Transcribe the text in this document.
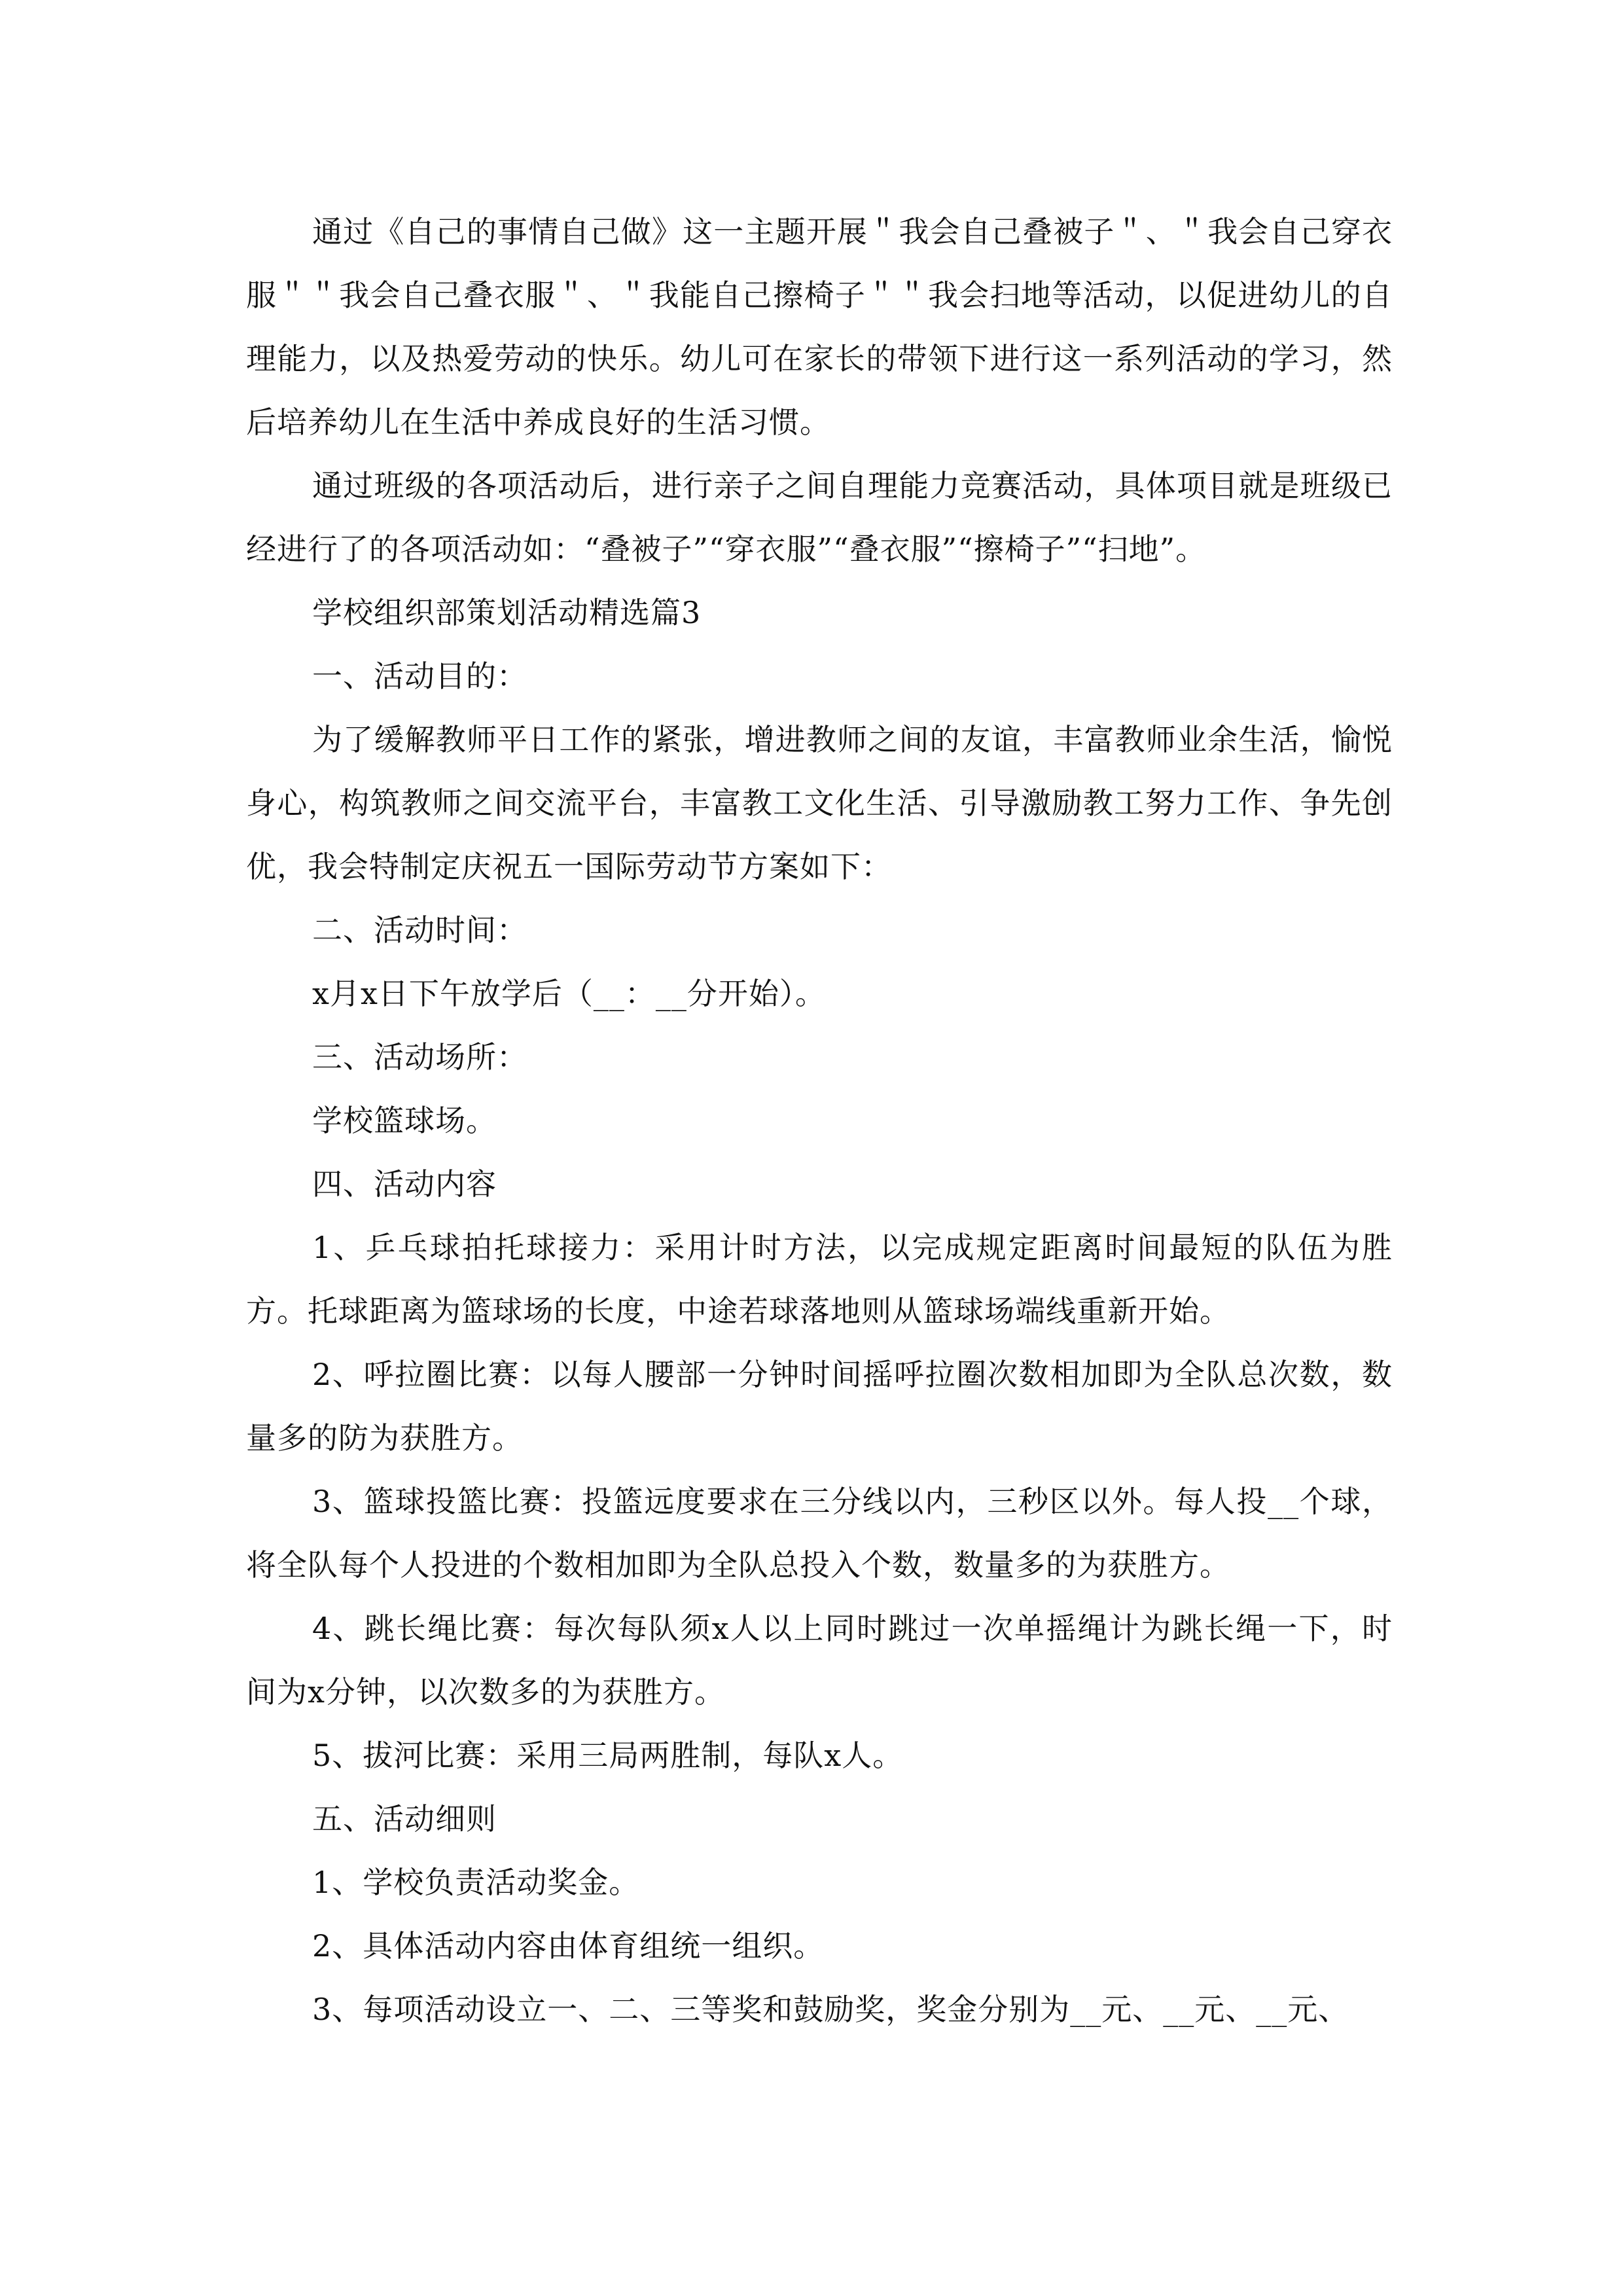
通过《自己的事情自己做》这一主题开展＂我会自己叠被子＂、＂我会自己穿衣服＂＂我会自己叠衣服＂、＂我能自己擦椅子＂＂我会扫地等活动，以促进幼儿的自理能力，以及热爱劳动的快乐。幼儿可在家长的带领下进行这一系列活动的学习，然后培养幼儿在生活中养成良好的生活习惯。

通过班级的各项活动后，进行亲子之间自理能力竞赛活动，具体项目就是班级已经进行了的各项活动如：“叠被子”“穿衣服”“叠衣服”“擦椅子”“扫地”。

学校组织部策划活动精选篇3

一、活动目的：

为了缓解教师平日工作的紧张，增进教师之间的友谊，丰富教师业余生活，愉悦身心，构筑教师之间交流平台，丰富教工文化生活、引导激励教工努力工作、争先创优，我会特制定庆祝五一国际劳动节方案如下：

二、活动时间：

x月x日下午放学后（__：__分开始）。

三、活动场所：

学校篮球场。

四、活动内容

1、乒乓球拍托球接力：采用计时方法，以完成规定距离时间最短的队伍为胜方。托球距离为篮球场的长度，中途若球落地则从篮球场端线重新开始。

2、呼拉圈比赛：以每人腰部一分钟时间摇呼拉圈次数相加即为全队总次数，数量多的防为获胜方。

3、篮球投篮比赛：投篮远度要求在三分线以内，三秒区以外。每人投__个球，将全队每个人投进的个数相加即为全队总投入个数，数量多的为获胜方。

4、跳长绳比赛：每次每队须x人以上同时跳过一次单摇绳计为跳长绳一下，时间为x分钟，以次数多的为获胜方。

5、拔河比赛：采用三局两胜制，每队x人。

五、活动细则

1、学校负责活动奖金。

2、具体活动内容由体育组统一组织。

3、每项活动设立一、二、三等奖和鼓励奖，奖金分别为__元、__元、__元、
